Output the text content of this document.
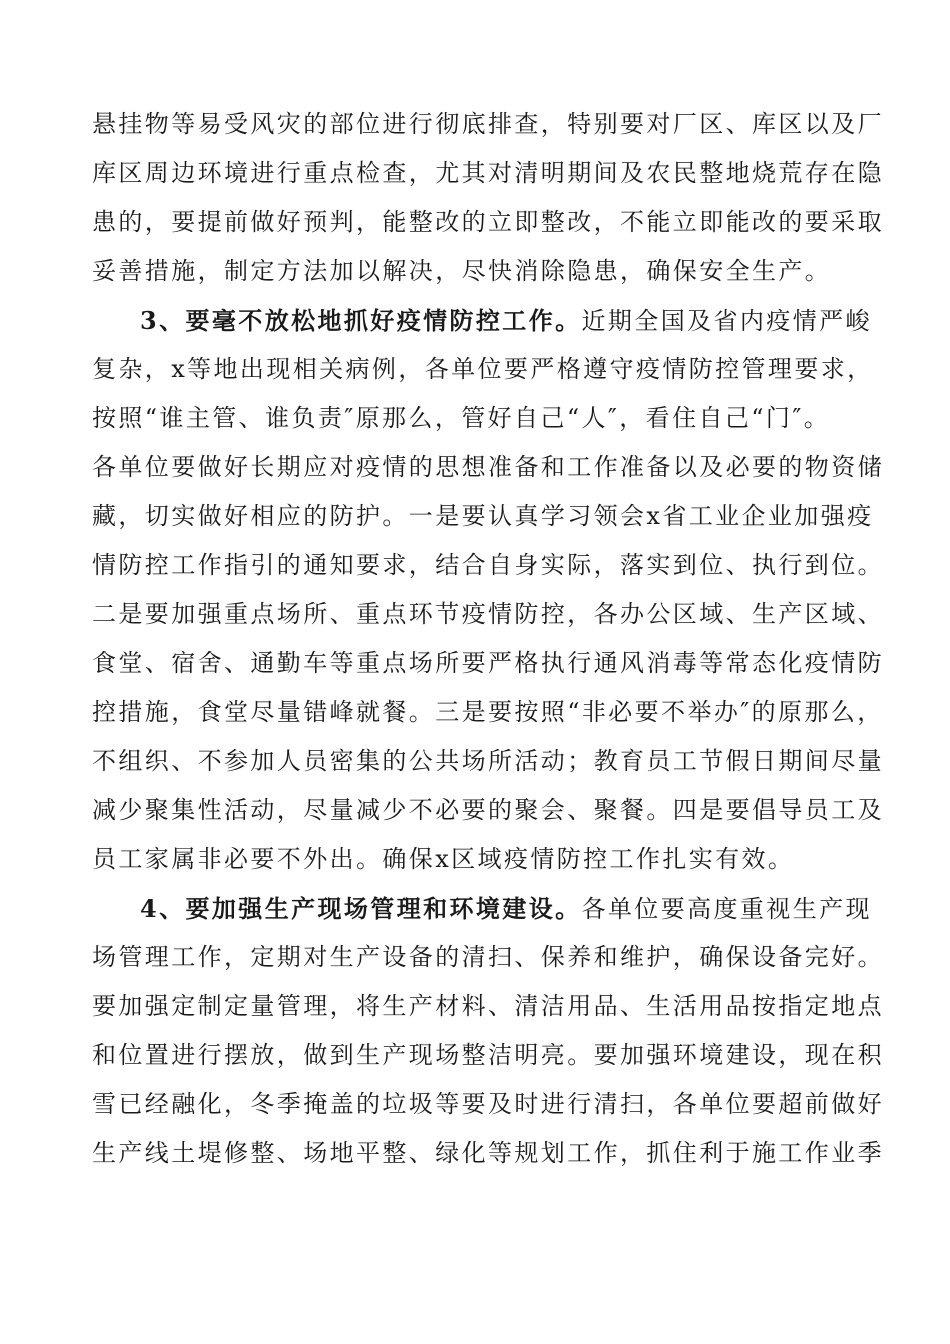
悬挂物等易受风灾的部位进行彻底排查，特别要对厂区、库区以及厂
库区周边环境进行重点检查，尤其对清明期间及农民整地烧荒存在隐
患的，要提前做好预判，能整改的立即整改，不能立即能改的要采取
妥善措施，制定方法加以解决，尽快消除隐患，确保安全生产。
3、要毫不放松地抓好疫情防控工作。近期全国及省内疫情严峻
复杂，x等地出现相关病例，各单位要严格遵守疫情防控管理要求，
按照“谁主管、谁负责″原那么，管好自己“人″，看住自己“门″。
各单位要做好长期应对疫情的思想准备和工作准备以及必要的物资储
藏，切实做好相应的防护。一是要认真学习领会x省工业企业加强疫
情防控工作指引的通知要求，结合自身实际，落实到位、执行到位。
二是要加强重点场所、重点环节疫情防控，各办公区域、生产区域、
食堂、宿舍、通勤车等重点场所要严格执行通风消毒等常态化疫情防
控措施，食堂尽量错峰就餐。三是要按照“非必要不举办″的原那么，
不组织、不参加人员密集的公共场所活动；教育员工节假日期间尽量
减少聚集性活动，尽量减少不必要的聚会、聚餐。四是要倡导员工及
员工家属非必要不外出。确保x区域疫情防控工作扎实有效。
4、要加强生产现场管理和环境建设。各单位要高度重视生产现
场管理工作，定期对生产设备的清扫、保养和维护，确保设备完好。
要加强定制定量管理，将生产材料、清洁用品、生活用品按指定地点
和位置进行摆放，做到生产现场整洁明亮。要加强环境建设，现在积
雪已经融化，冬季掩盖的垃圾等要及时进行清扫，各单位要超前做好
生产线土堤修整、场地平整、绿化等规划工作，抓住利于施工作业季
